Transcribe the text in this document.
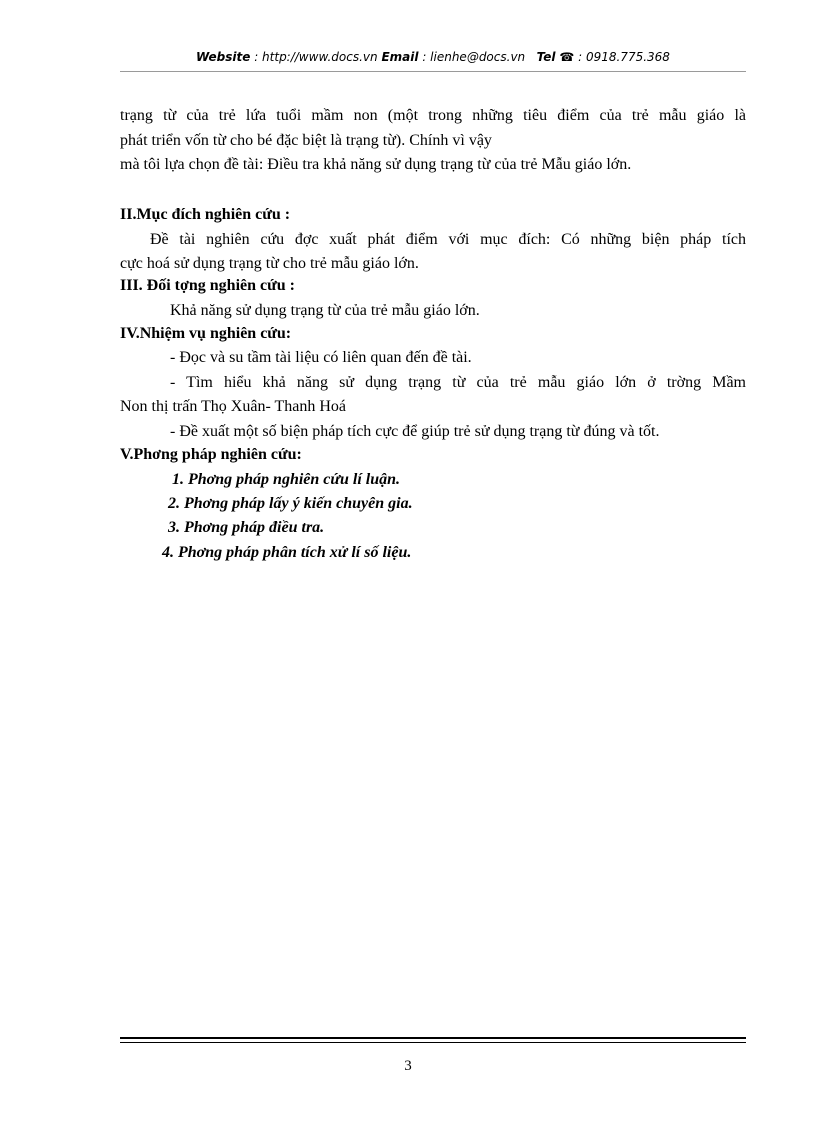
Website : http://www.docs.vn Email : lienhe@docs.vn Tel ☎ : 0918.775.368
trạng từ của trẻ lứa tuổi mầm non (một trong những tiêu điểm của trẻ mẫu giáo là
phát triển vốn từ cho bé đặc biệt là trạng từ). Chính vì vậy
mà tôi lựa chọn đề tài: Điều tra khả năng sử dụng trạng từ của trẻ Mẫu giáo lớn.
II.Mục đích nghiên cứu :
Đề tài nghiên cứu đợc xuất phát điểm với mục đích: Có những biện pháp tích
cực hoá sử dụng trạng từ cho trẻ mẫu giáo lớn.
III. Đối tợng nghiên cứu :
Khả năng sử dụng trạng từ của trẻ mẫu giáo lớn.
IV.Nhiệm vụ nghiên cứu:
- Đọc và su tầm tài liệu có liên quan đến đề tài.
- Tìm hiểu khả năng sử dụng trạng từ của trẻ mẫu giáo lớn ở trờng Mầm
Non thị trấn Thọ Xuân- Thanh Hoá
- Đề xuất một số biện pháp tích cực để giúp trẻ sử dụng trạng từ đúng và tốt.
V.Phơng pháp nghiên cứu:
1. Phơng pháp nghiên cứu lí luận.
2. Phơng pháp lấy ý kiến chuyên gia.
3. Phơng pháp điều tra.
4. Phơng pháp phân tích xử lí số liệu.
3
